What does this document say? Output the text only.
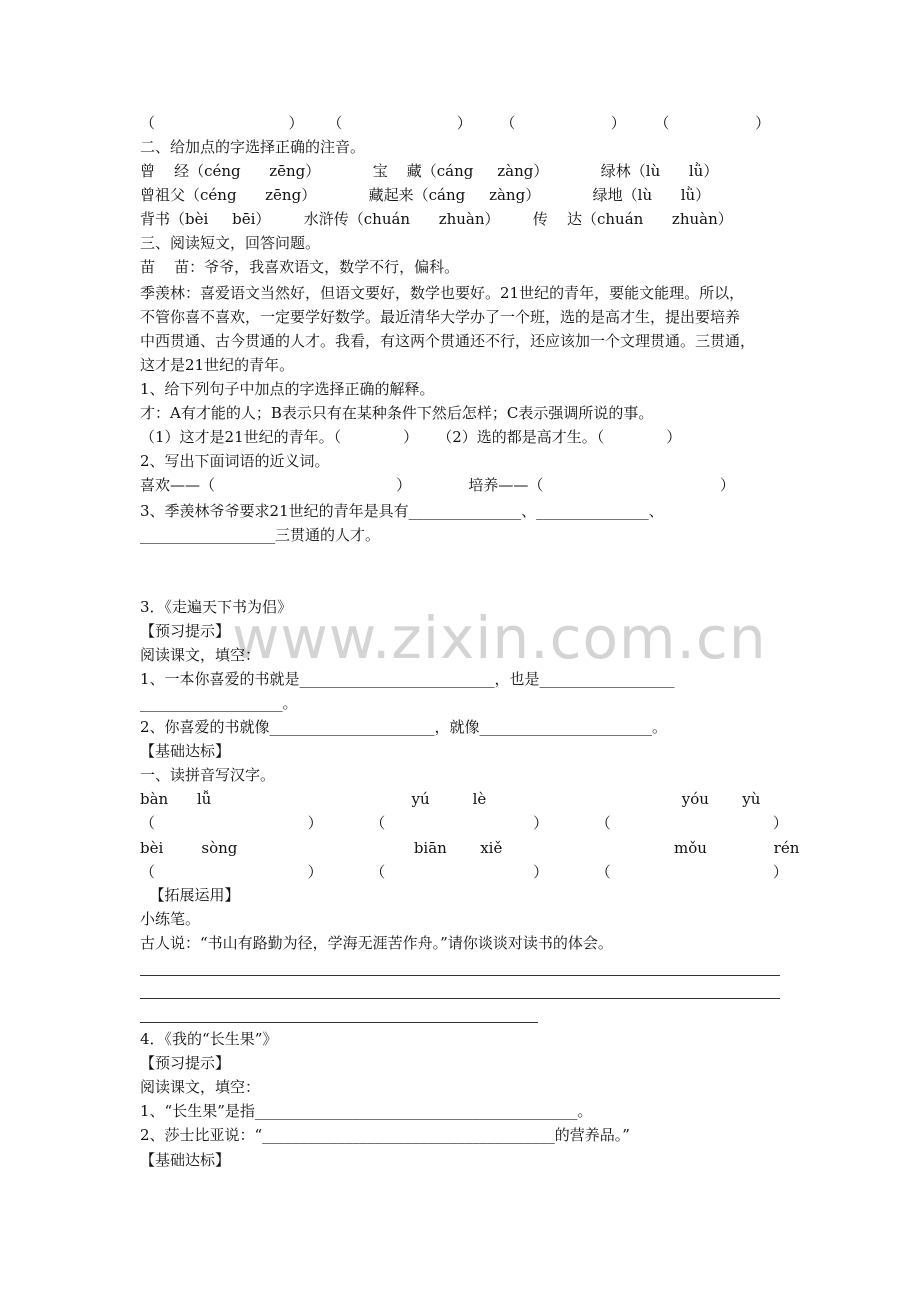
www.zixin.com.cn
（                            ）     （                        ）      （                    ）      （                  ）
二、给加点的字选择正确的注音。
曾    经（céng      zēng）           宝    藏（cáng     zàng）           绿林（lù      lǜ）
曾祖父（céng      zēng）           藏起来（cáng     zàng）           绿地（lù      lǜ）
背书（bèi     bēi）       水浒传（chuán      zhuàn）       传    达（chuán      zhuàn）
三、阅读短文，回答问题。
苗    苗：爷爷，我喜欢语文，数学不行，偏科。
季羡林：喜爱语文当然好，但语文要好，数学也要好。21世纪的青年，要能文能理。所以，
不管你喜不喜欢，一定要学好数学。最近清华大学办了一个班，选的是高才生，提出要培养
中西贯通、古今贯通的人才。我看，有这两个贯通还不行，还应该加一个文理贯通。三贯通，
这才是21世纪的青年。
1、给下列句子中加点的字选择正确的解释。
才：A有才能的人；B表示只有在某种条件下然后怎样；C表示强调所说的事。
（1）这才是21世纪的青年。（             ）    （2）选的都是高才生。（             ）
2、写出下面词语的近义词。
喜欢——（                                      ）            培养——（                                     ）
3、季羡林爷爷要求21世纪的青年是具有_______________、_______________、
__________________三贯通的人才。
3．《走遍天下书为侣》
【预习提示】
阅读课文，填空：
1、一本你喜爱的书就是__________________________，也是__________________
___________________。
2、你喜爱的书就像______________________，就像_______________________。
【基础达标】
一、读拼音写汉字。
bàn      lǚ                                          yú         lè                                         yóu       yù
（                                ）          （                               ）          （                                  ）
bèi        sòng                                     biān       xiě                                    mǒu              rén
（                                ）          （                               ）          （                                  ）
【拓展运用】
小练笔。
古人说：“书山有路勤为径，学海无涯苦作舟。”请你谈谈对读书的体会。
4．《我的“长生果”》
【预习提示】
阅读课文，填空：
1、“长生果”是指___________________________________________。
2、莎士比亚说：“_______________________________________的营养品。”
【基础达标】
